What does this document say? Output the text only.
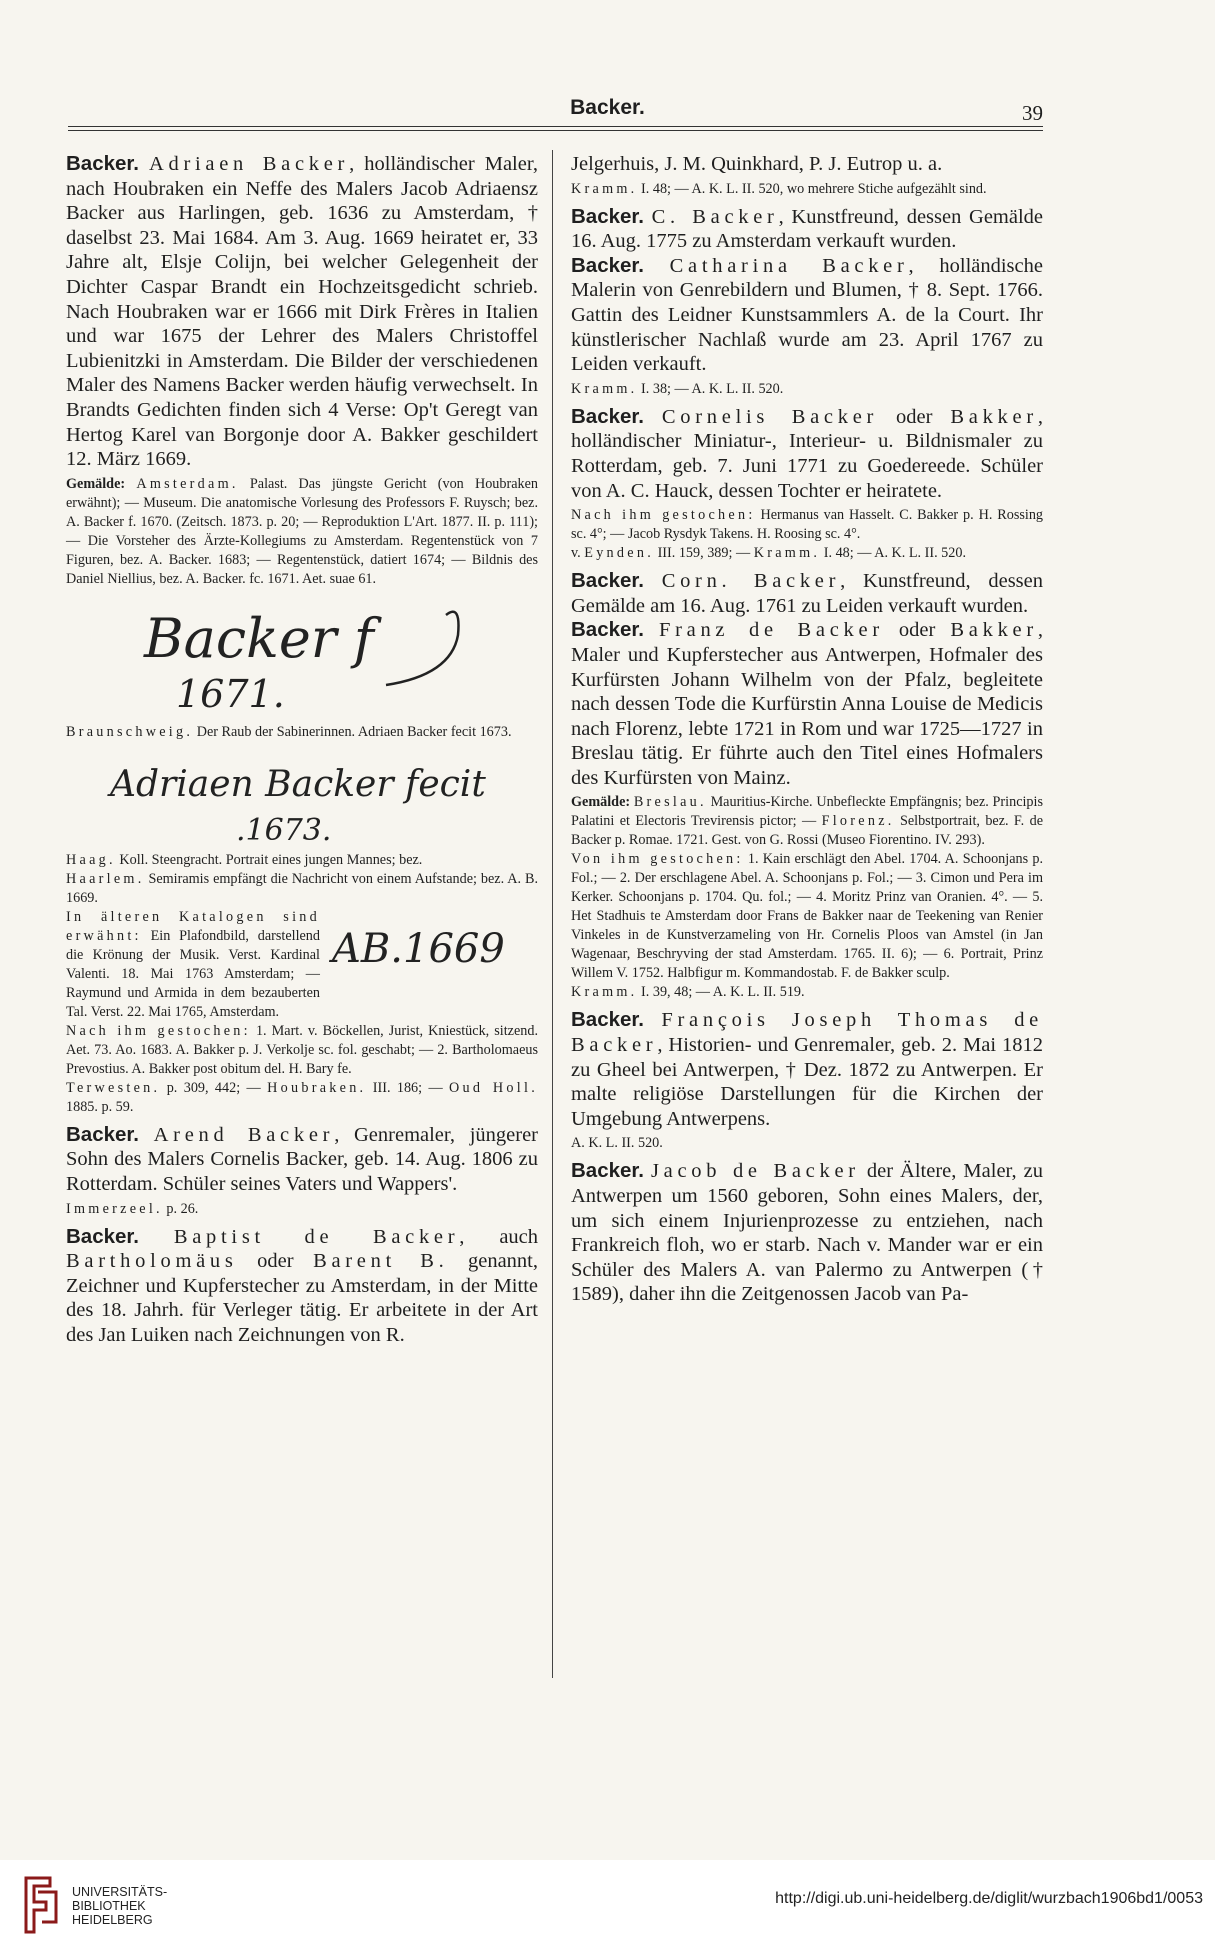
Backer.	39

Backer. Adriaen Backer, holländischer Maler, nach Houbraken ein Neffe des Malers Jacob Adriaensz Backer aus Harlingen, geb. 1636 zu Amsterdam, † daselbst 23. Mai 1684. Am 3. Aug. 1669 heiratet er, 33 Jahre alt, Elsje Colijn, bei welcher Gelegenheit der Dichter Caspar Brandt ein Hochzeitsgedicht schrieb. Nach Houbraken war er 1666 mit Dirk Frères in Italien und war 1675 der Lehrer des Malers Christoffel Lubienitzki in Amsterdam. Die Bilder der verschiedenen Maler des Namens Backer werden häufig verwechselt. In Brandts Gedichten finden sich 4 Verse: Op't Geregt van Hertog Karel van Borgonje door A. Bakker geschildert 12. März 1669.

Gemälde: Amsterdam. Palast. Das jüngste Gericht (von Houbraken erwähnt); — Museum. Die anatomische Vorlesung des Professors F. Ruysch; bez. A. Backer f. 1670. (Zeitsch. 1873. p. 20; — Reproduktion L'Art. 1877. II. p. 111); — Die Vorsteher des Ärzte-Kollegiums zu Amsterdam. Regentenstück von 7 Figuren, bez. A. Backer. 1683; — Regentenstück, datiert 1674; — Bildnis des Daniel Niellius, bez. A. Backer. fc. 1671. Aet. suae 61.

Backer f
1671.

Braunschweig. Der Raub der Sabinerinnen. Adriaen Backer fecit 1673.

Adriaen Backer fecit
.1673.

Haag. Koll. Steengracht. Portrait eines jungen Mannes; bez.
Haarlem. Semiramis empfängt die Nachricht von einem Aufstande; bez. A. B. 1669.

AB.1669
In älteren Katalogen sind erwähnt: Ein Plafondbild, darstellend die Krönung der Musik. Verst. Kardinal Valenti. 18. Mai 1763 Amsterdam; — Raymund und Armida in dem bezauberten Tal. Verst. 22. Mai 1765, Amsterdam.
Nach ihm gestochen: 1. Mart. v. Böckellen, Jurist, Kniestück, sitzend. Aet. 73. Ao. 1683. A. Bakker p. J. Verkolje sc. fol. geschabt; — 2. Bartholomaeus Prevostius. A. Bakker post obitum del. H. Bary fe.
Terwesten. p. 309, 442; — Houbraken. III. 186; — Oud Holl. 1885. p. 59.

Backer. Arend Backer, Genremaler, jüngerer Sohn des Malers Cornelis Backer, geb. 14. Aug. 1806 zu Rotterdam. Schüler seines Vaters und Wappers'.

Immerzeel. p. 26.

Backer. Baptist de Backer, auch Bartholomäus oder Barent B. genannt, Zeichner und Kupferstecher zu Amsterdam, in der Mitte des 18. Jahrh. für Verleger tätig. Er arbeitete in der Art des Jan Luiken nach Zeichnungen von R.

Jelgerhuis, J. M. Quinkhard, P. J. Eutrop u. a.

Kramm. I. 48; — A. K. L. II. 520, wo mehrere Stiche aufgezählt sind.

Backer. C. Backer, Kunstfreund, dessen Gemälde 16. Aug. 1775 zu Amsterdam verkauft wurden.

Backer. Catharina Backer, holländische Malerin von Genrebildern und Blumen, † 8. Sept. 1766. Gattin des Leidner Kunstsammlers A. de la Court. Ihr künstlerischer Nachlaß wurde am 23. April 1767 zu Leiden verkauft.

Kramm. I. 38; — A. K. L. II. 520.

Backer. Cornelis Backer oder Bakker, holländischer Miniatur-, Interieur- u. Bildnismaler zu Rotterdam, geb. 7. Juni 1771 zu Goedereede. Schüler von A. C. Hauck, dessen Tochter er heiratete.

Nach ihm gestochen: Hermanus van Hasselt. C. Bakker p. H. Rossing sc. 4°; — Jacob Rysdyk Takens. H. Roosing sc. 4°.
v. Eynden. III. 159, 389; — Kramm. I. 48; — A. K. L. II. 520.

Backer. Corn. Backer, Kunstfreund, dessen Gemälde am 16. Aug. 1761 zu Leiden verkauft wurden.

Backer. Franz de Backer oder Bakker, Maler und Kupferstecher aus Antwerpen, Hofmaler des Kurfürsten Johann Wilhelm von der Pfalz, begleitete nach dessen Tode die Kurfürstin Anna Louise de Medicis nach Florenz, lebte 1721 in Rom und war 1725—1727 in Breslau tätig. Er führte auch den Titel eines Hofmalers des Kurfürsten von Mainz.

Gemälde: Breslau. Mauritius-Kirche. Unbefleckte Empfängnis; bez. Principis Palatini et Electoris Trevirensis pictor; — Florenz. Selbstportrait, bez. F. de Backer p. Romae. 1721. Gest. von G. Rossi (Museo Fiorentino. IV. 293).
Von ihm gestochen: 1. Kain erschlägt den Abel. 1704. A. Schoonjans p. Fol.; — 2. Der erschlagene Abel. A. Schoonjans p. Fol.; — 3. Cimon und Pera im Kerker. Schoonjans p. 1704. Qu. fol.; — 4. Moritz Prinz van Oranien. 4°. — 5. Het Stadhuis te Amsterdam door Frans de Bakker naar de Teekening van Renier Vinkeles in de Kunstverzameling von Hr. Cornelis Ploos van Amstel (in Jan Wagenaar, Beschryving der stad Amsterdam. 1765. II. 6); — 6. Portrait, Prinz Willem V. 1752. Halbfigur m. Kommandostab. F. de Bakker sculp.
Kramm. I. 39, 48; — A. K. L. II. 519.

Backer. François Joseph Thomas de Backer, Historien- und Genremaler, geb. 2. Mai 1812 zu Gheel bei Antwerpen, † Dez. 1872 zu Antwerpen. Er malte religiöse Darstellungen für die Kirchen der Umgebung Antwerpens.

A. K. L. II. 520.

Backer. Jacob de Backer der Ältere, Maler, zu Antwerpen um 1560 geboren, Sohn eines Malers, der, um sich einem Injurienprozesse zu entziehen, nach Frankreich floh, wo er starb. Nach v. Mander war er ein Schüler des Malers A. van Palermo zu Antwerpen († 1589), daher ihn die Zeitgenossen Jacob van Pa-

UNIVERSITÄTS-
BIBLIOTHEK
HEIDELBERG
http://digi.ub.uni-heidelberg.de/diglit/wurzbach1906bd1/0053
